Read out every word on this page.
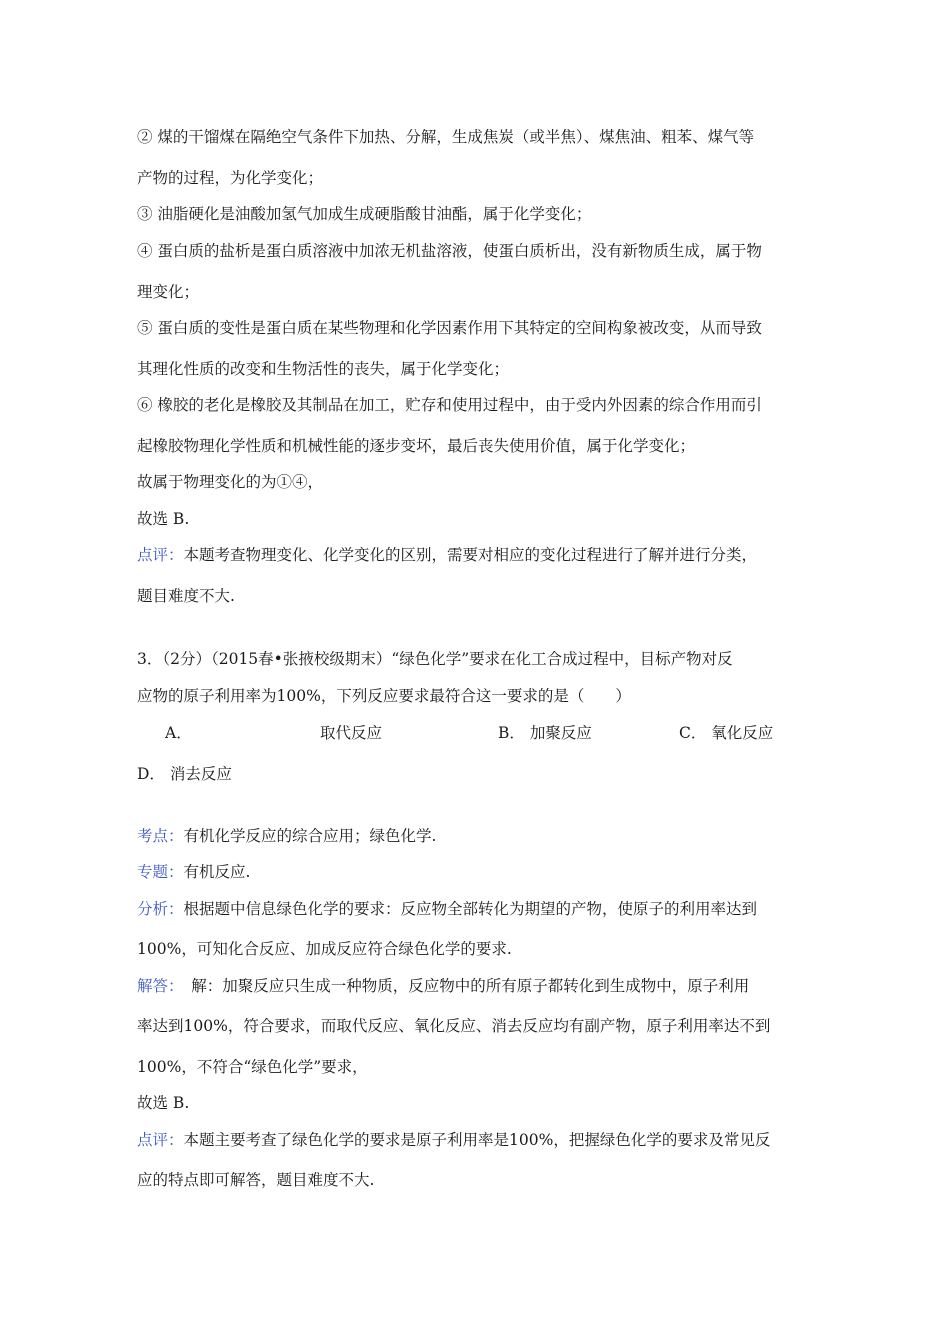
② 煤的干馏煤在隔绝空气条件下加热、分解，生成焦炭（或半焦）、煤焦油、粗苯、煤气等
产物的过程，为化学变化；
③ 油脂硬化是油酸加氢气加成生成硬脂酸甘油酯，属于化学变化；
④ 蛋白质的盐析是蛋白质溶液中加浓无机盐溶液，使蛋白质析出，没有新物质生成，属于物
理变化；
⑤ 蛋白质的变性是蛋白质在某些物理和化学因素作用下其特定的空间构象被改变，从而导致
其理化性质的改变和生物活性的丧失，属于化学变化；
⑥ 橡胶的老化是橡胶及其制品在加工，贮存和使用过程中，由于受内外因素的综合作用而引
起橡胶物理化学性质和机械性能的逐步变坏，最后丧失使用价值，属于化学变化；
故属于物理变化的为①④，
故选 B.
点评：本题考查物理变化、化学变化的区别，需要对相应的变化过程进行了解并进行分类，
题目难度不大.
3．（2分）（2015春•张掖校级期末）“绿色化学”要求在化工合成过程中，目标产物对反
应物的原子利用率为100%，下列反应要求最符合这一要求的是（　　）
A．	取代反应	B． 加聚反应	C． 氧化反应
D． 消去反应
考点：有机化学反应的综合应用；绿色化学.
专题：有机反应.
分析：根据题中信息绿色化学的要求：反应物全部转化为期望的产物，使原子的利用率达到
100%，可知化合反应、加成反应符合绿色化学的要求.
解答：　解：加聚反应只生成一种物质，反应物中的所有原子都转化到生成物中，原子利用
率达到100%，符合要求，而取代反应、氧化反应、消去反应均有副产物，原子利用率达不到
100%，不符合“绿色化学”要求，
故选 B.
点评：本题主要考查了绿色化学的要求是原子利用率是100%，把握绿色化学的要求及常见反
应的特点即可解答，题目难度不大.
